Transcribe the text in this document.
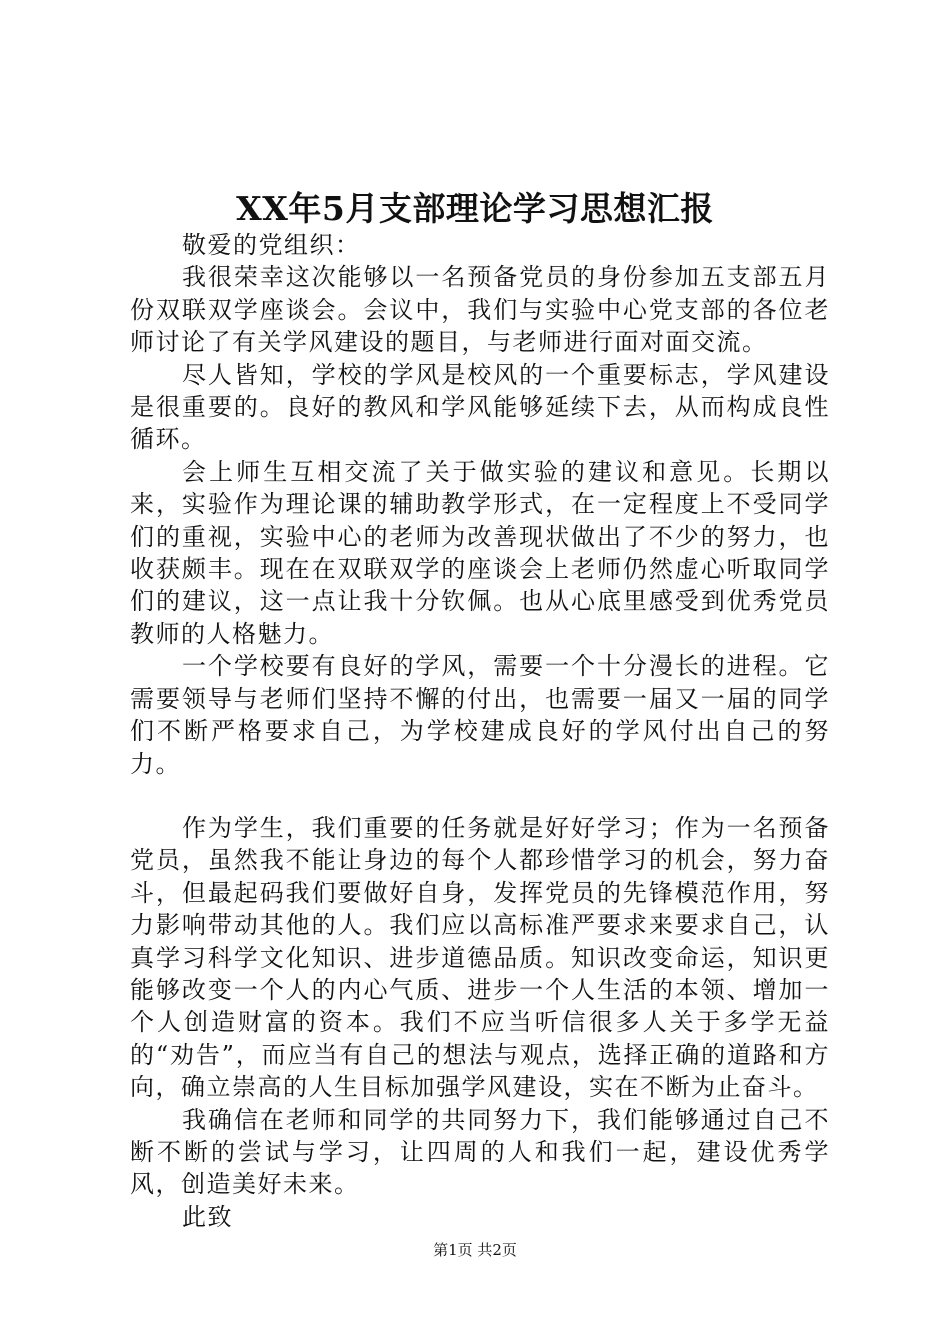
XX年5月支部理论学习思想汇报

敬爱的党组织：

我很荣幸这次能够以一名预备党员的身份参加五支部五月份双联双学座谈会。会议中，我们与实验中心党支部的各位老师讨论了有关学风建设的题目，与老师进行面对面交流。

尽人皆知，学校的学风是校风的一个重要标志，学风建设是很重要的。良好的教风和学风能够延续下去，从而构成良性循环。

会上师生互相交流了关于做实验的建议和意见。长期以来，实验作为理论课的辅助教学形式，在一定程度上不受同学们的重视，实验中心的老师为改善现状做出了不少的努力，也收获颇丰。现在在双联双学的座谈会上老师仍然虚心听取同学们的建议，这一点让我十分钦佩。也从心底里感受到优秀党员教师的人格魅力。

一个学校要有良好的学风，需要一个十分漫长的进程。它需要领导与老师们坚持不懈的付出，也需要一届又一届的同学们不断严格要求自己，为学校建成良好的学风付出自己的努力。

作为学生，我们重要的任务就是好好学习；作为一名预备党员，虽然我不能让身边的每个人都珍惜学习的机会，努力奋斗，但最起码我们要做好自身，发挥党员的先锋模范作用，努力影响带动其他的人。我们应以高标准严要求来要求自己，认真学习科学文化知识、进步道德品质。知识改变命运，知识更能够改变一个人的内心气质、进步一个人生活的本领、增加一个人创造财富的资本。我们不应当听信很多人关于多学无益的“劝告”，而应当有自己的想法与观点，选择正确的道路和方向，确立崇高的人生目标加强学风建设，实在不断为止奋斗。

我确信在老师和同学的共同努力下，我们能够通过自己不断不断的尝试与学习，让四周的人和我们一起，建设优秀学风，创造美好未来。

此致

第1页 共2页
